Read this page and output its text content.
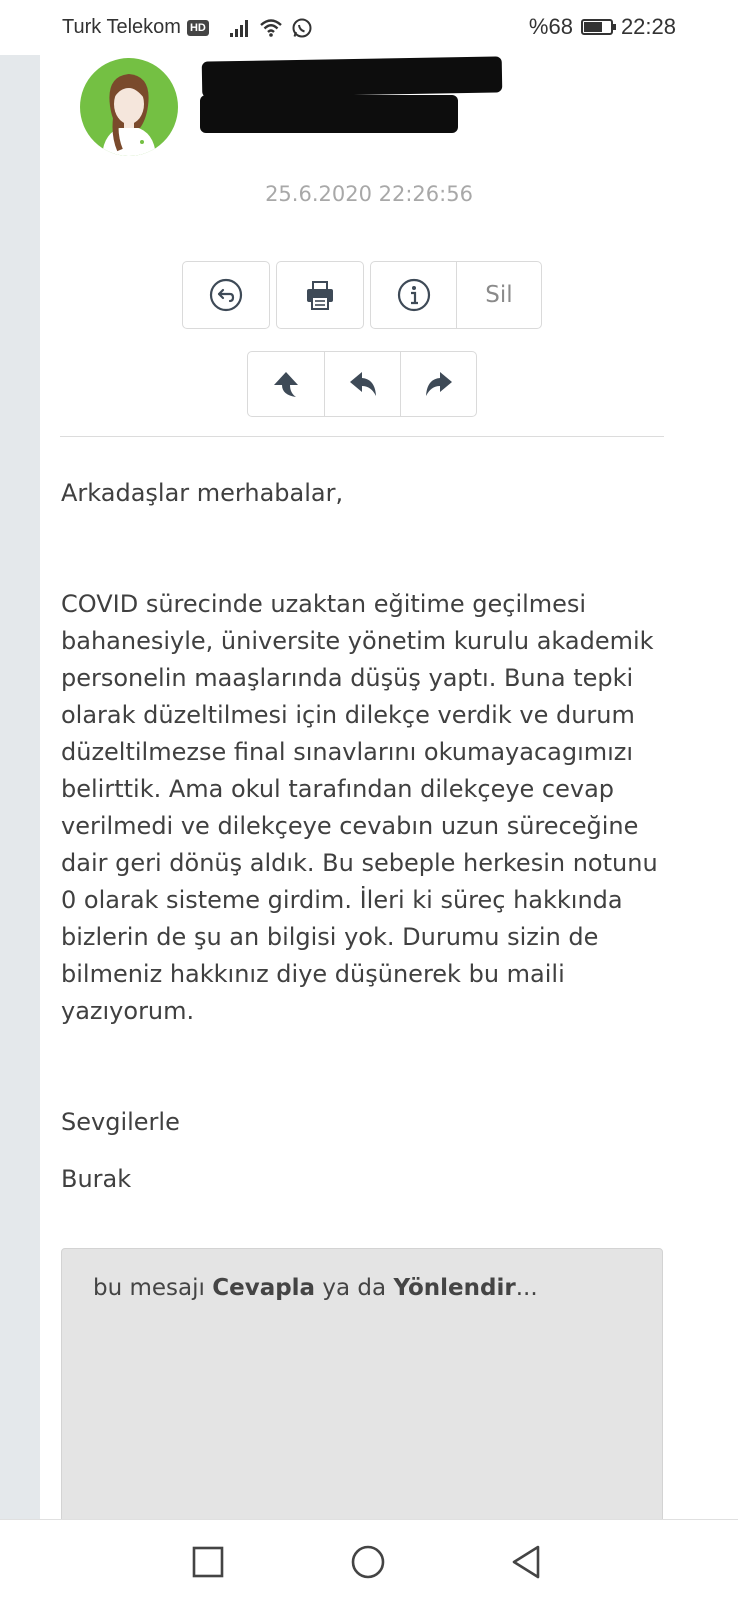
Turk Telekom HD	%68 22:28
25.6.2020 22:26:56
Sil

Arkadaşlar merhabalar,

COVID sürecinde uzaktan eğitime geçilmesi bahanesiyle, üniversite yönetim kurulu akademik personelin maaşlarında düşüş yaptı. Buna tepki olarak düzeltilmesi için dilekçe verdik ve durum düzeltilmezse final sınavlarını okumayacagımızı belirttik. Ama okul tarafından dilekçeye cevap verilmedi ve dilekçeye cevabın uzun süreceğine dair geri dönüş aldık. Bu sebeple herkesin notunu 0 olarak sisteme girdim. İleri ki süreç hakkında bizlerin de şu an bilgisi yok. Durumu sizin de bilmeniz hakkınız diye düşünerek bu maili yazıyorum.

Sevgilerle

Burak

bu mesajı Cevapla ya da Yönlendir...
